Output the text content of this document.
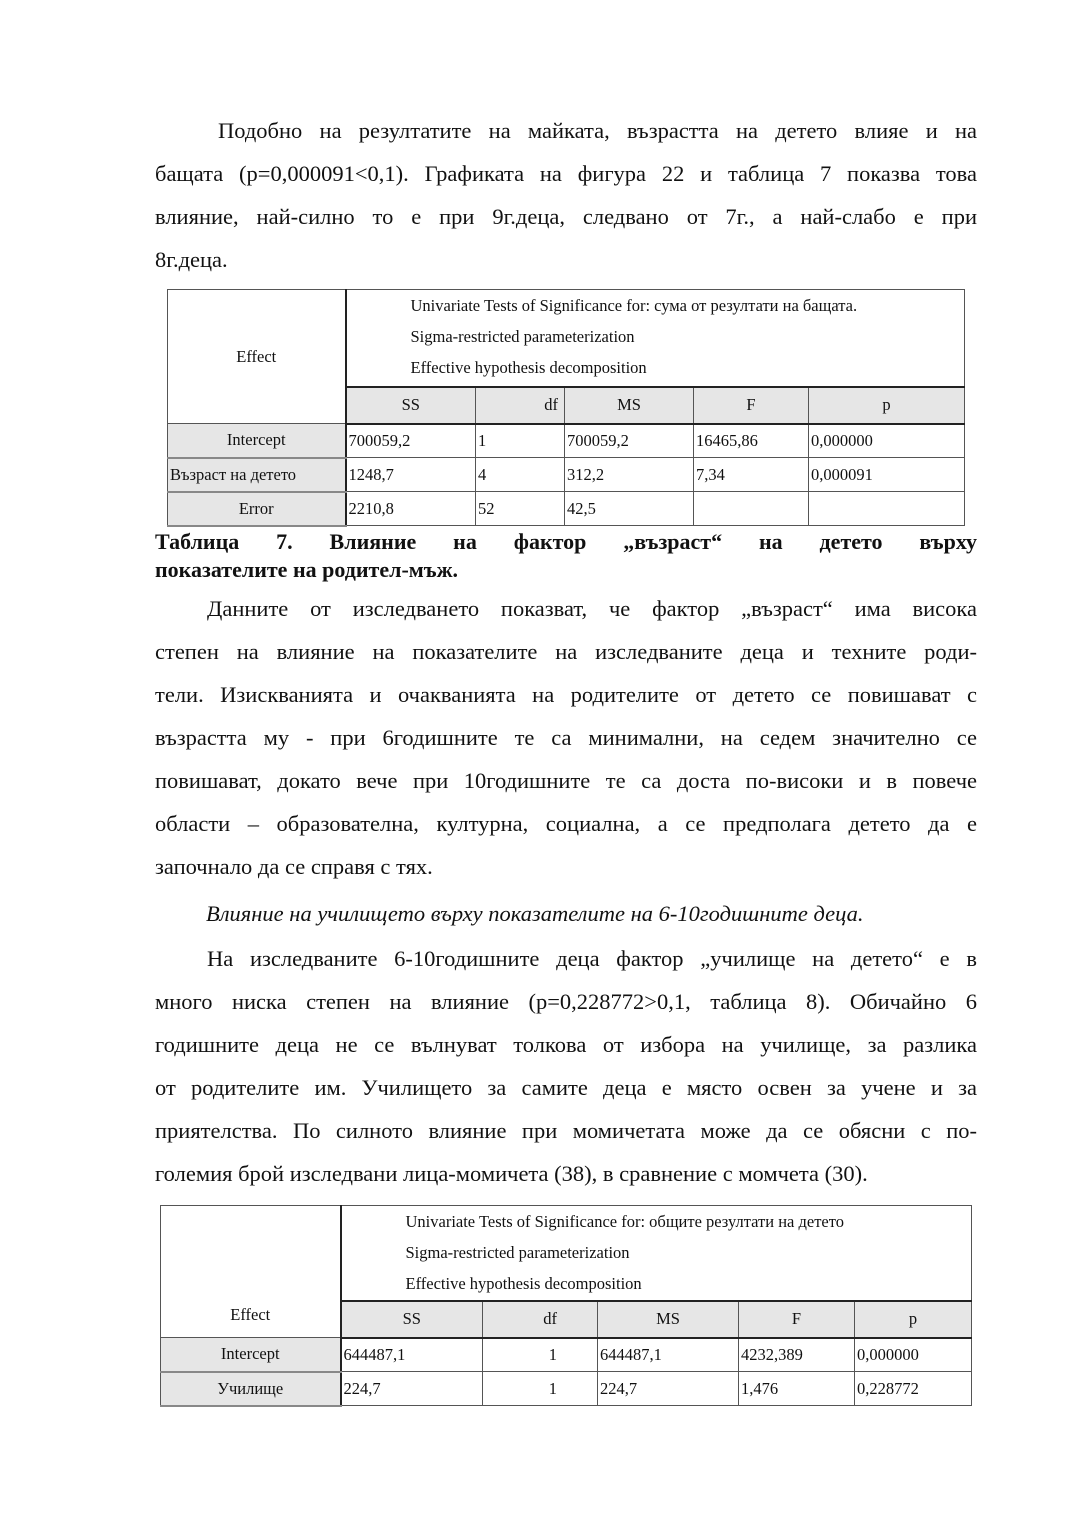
Подобно на резултатите на майката, възрастта на детето влияе и на
бащата (p=0,000091<0,1). Графиката на фигура 22 и таблица 7 показва това
влияние, най-силно то е при 9г.деца, следвано от 7г., а най-слабо е при
8г.деца.
Effect	Univariate Tests of Significance for: сума от резултати на бащата.
Sigma-restricted parameterization
Effective hypothesis decomposition				

	SS	df	MS	F	p
Intercept	700059,2	1	700059,2	16465,86	0,000000
Възраст на детето	1248,7	4	312,2	7,34	0,000091
Error	2210,8	52	42,5		
Таблица 7. Влияние на фактор „възраст“ на детето върху
показателите на родител-мъж.
Данните от изследването показват, че фактор „възраст“ има висока
степен на влияние на показателите на изследваните деца и техните роди-
тели. Изискванията и очакванията на родителите от детето се повишават с
възрастта му - при 6годишните те са минимални, на седем значително се
повишават, докато вече при 10годишните те са доста по-високи и в повече
области – образователна, културна, социална, а се предполага детето да е
започнало да се справя с тях.
Влияние на училището върху показателите на 6-10годишните деца.
На изследваните 6-10годишните деца фактор „училище на детето“ е в
много ниска степен на влияние (p=0,228772>0,1, таблица 8). Обичайно 6
годишните деца не се вълнуват толкова от избора на училище, за разлика
от родителите им. Училището за самите деца е място освен за учене и за
приятелства. По силното влияние при момичетата може да се обясни с по-
големия брой изследвани лица-момичета (38), в сравнение с момчета (30).
Effect	Univariate Tests of Significance for: общите резултати на детето
Sigma-restricted parameterization
Effective hypothesis decomposition				

	SS	df	MS	F	p
Intercept	644487,1	1	644487,1	4232,389	0,000000
Училище	224,7	1	224,7	1,476	0,228772
